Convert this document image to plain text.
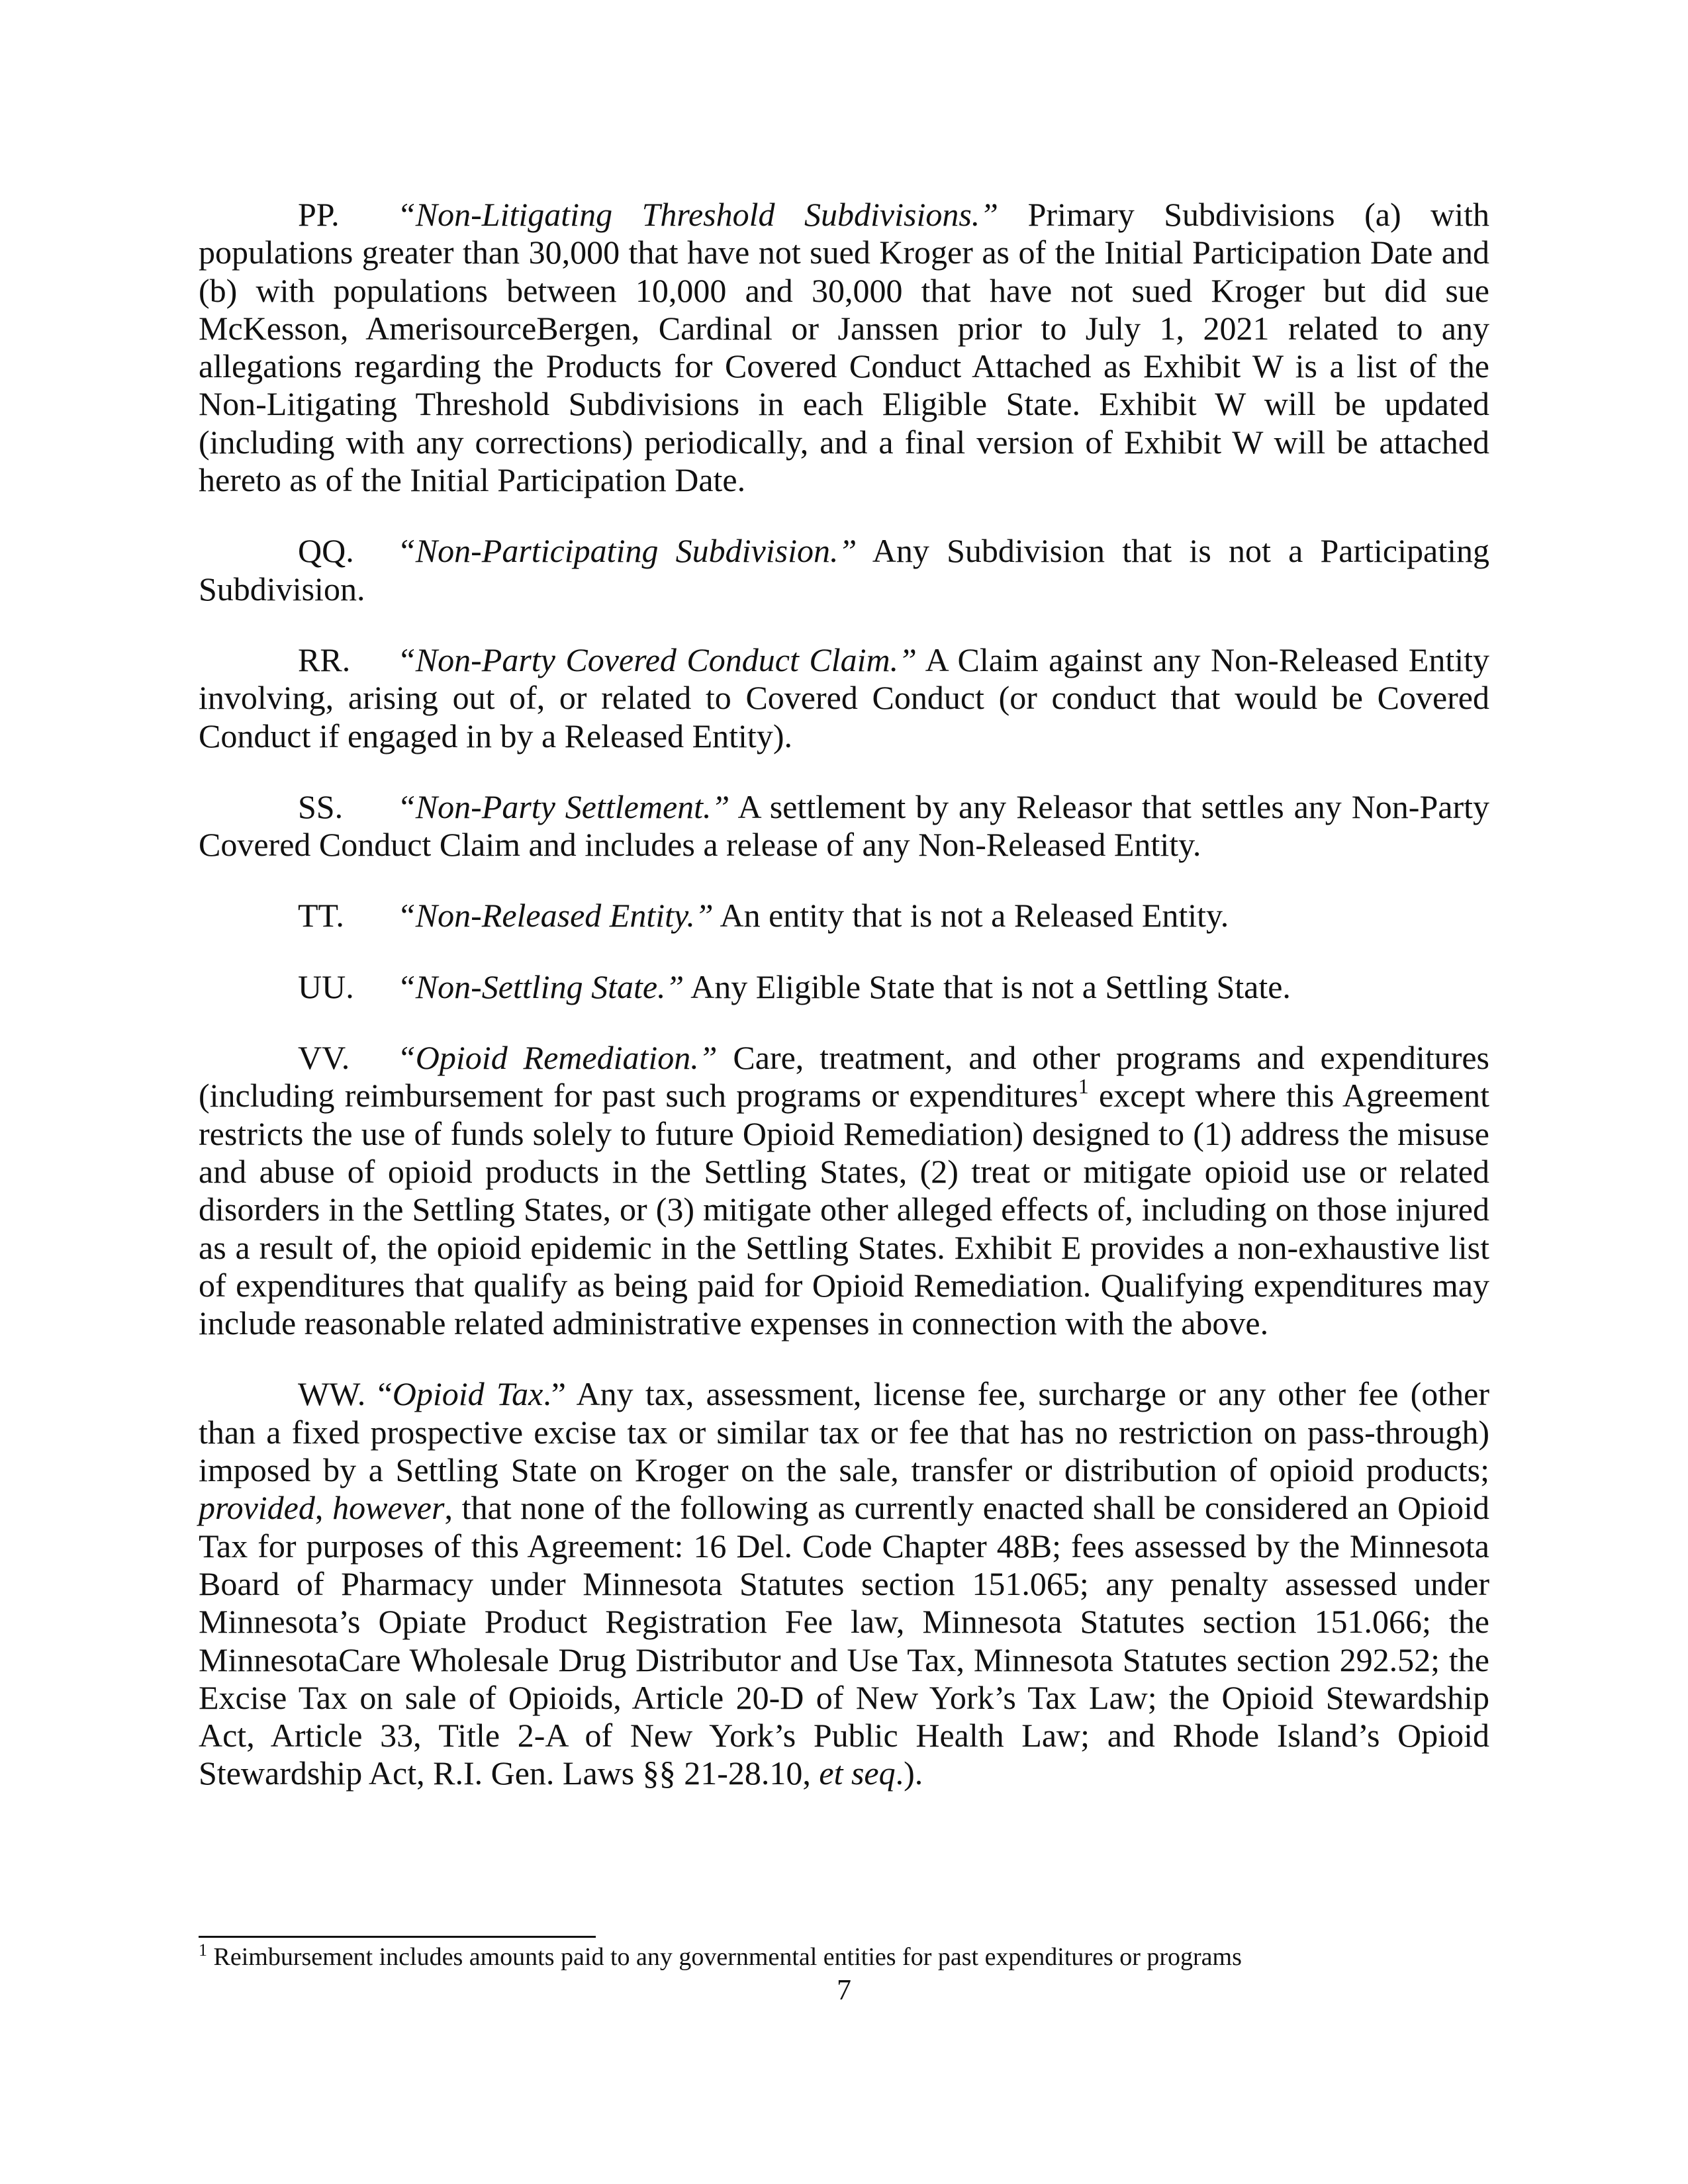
PP. “Non-Litigating Threshold Subdivisions.” Primary Subdivisions (a) with populations greater than 30,000 that have not sued Kroger as of the Initial Participation Date and (b) with populations between 10,000 and 30,000 that have not sued Kroger but did sue McKesson, AmerisourceBergen, Cardinal or Janssen prior to July 1, 2021 related to any allegations regarding the Products for Covered Conduct Attached as Exhibit W is a list of the Non-Litigating Threshold Subdivisions in each Eligible State. Exhibit W will be updated (including with any corrections) periodically, and a final version of Exhibit W will be attached hereto as of the Initial Participation Date.

QQ. “Non-Participating Subdivision.” Any Subdivision that is not a Participating Subdivision.

RR. “Non-Party Covered Conduct Claim.” A Claim against any Non-Released Entity involving, arising out of, or related to Covered Conduct (or conduct that would be Covered Conduct if engaged in by a Released Entity).

SS. “Non-Party Settlement.” A settlement by any Releasor that settles any Non-Party Covered Conduct Claim and includes a release of any Non-Released Entity.

TT. “Non-Released Entity.” An entity that is not a Released Entity.

UU. “Non-Settling State.” Any Eligible State that is not a Settling State.

VV. “Opioid Remediation.” Care, treatment, and other programs and expenditures (including reimbursement for past such programs or expenditures$^1$ except where this Agreement restricts the use of funds solely to future Opioid Remediation) designed to (1) address the misuse and abuse of opioid products in the Settling States, (2) treat or mitigate opioid use or related disorders in the Settling States, or (3) mitigate other alleged effects of, including on those injured as a result of, the opioid epidemic in the Settling States. Exhibit E provides a non-exhaustive list of expenditures that qualify as being paid for Opioid Remediation. Qualifying expenditures may include reasonable related administrative expenses in connection with the above.

WW. “Opioid Tax.” Any tax, assessment, license fee, surcharge or any other fee (other than a fixed prospective excise tax or similar tax or fee that has no restriction on pass-through) imposed by a Settling State on Kroger on the sale, transfer or distribution of opioid products; provided, however, that none of the following as currently enacted shall be considered an Opioid Tax for purposes of this Agreement: 16 Del. Code Chapter 48B; fees assessed by the Minnesota Board of Pharmacy under Minnesota Statutes section 151.065; any penalty assessed under Minnesota’s Opiate Product Registration Fee law, Minnesota Statutes section 151.066; the MinnesotaCare Wholesale Drug Distributor and Use Tax, Minnesota Statutes section 292.52; the Excise Tax on sale of Opioids, Article 20-D of New York’s Tax Law; the Opioid Stewardship Act, Article 33, Title 2-A of New York’s Public Health Law; and Rhode Island’s Opioid Stewardship Act, R.I. Gen. Laws §§ 21-28.10, et seq.).

$^1$ Reimbursement includes amounts paid to any governmental entities for past expenditures or programs
7
